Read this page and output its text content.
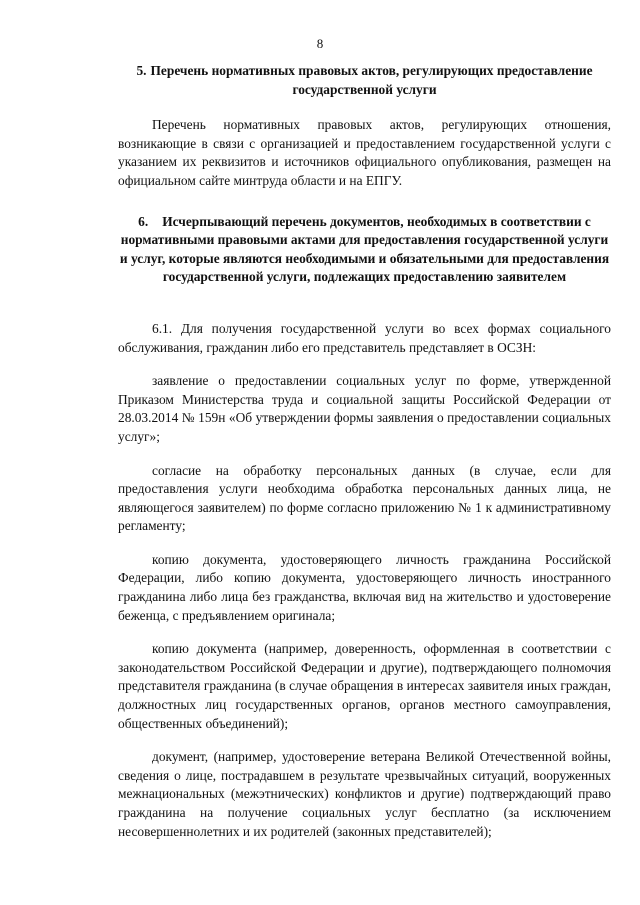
8

5. Перечень нормативных правовых актов, регулирующих предоставление государственной услуги

Перечень нормативных правовых актов, регулирующих отношения, возникающие в связи с организацией и предоставлением государственной услуги с указанием их реквизитов и источников официального опубликования, размещен на официальном сайте минтруда области и на ЕПГУ.

6. Исчерпывающий перечень документов, необходимых в соответствии с нормативными правовыми актами для предоставления государственной услуги и услуг, которые являются необходимыми и обязательными для предоставления государственной услуги, подлежащих предоставлению заявителем

6.1. Для получения государственной услуги во всех формах социального обслуживания, гражданин либо его представитель представляет в ОСЗН:

заявление о предоставлении социальных услуг по форме, утвержденной Приказом Министерства труда и социальной защиты Российской Федерации от 28.03.2014 № 159н «Об утверждении формы заявления о предоставлении социальных услуг»;

согласие на обработку персональных данных (в случае, если для предоставления услуги необходима обработка персональных данных лица, не являющегося заявителем) по форме согласно приложению № 1 к административному регламенту;

копию документа, удостоверяющего личность гражданина Российской Федерации, либо копию документа, удостоверяющего личность иностранного гражданина либо лица без гражданства, включая вид на жительство и удостоверение беженца, с предъявлением оригинала;

копию документа (например, доверенность, оформленная в соответствии с законодательством Российской Федерации и другие), подтверждающего полномочия представителя гражданина (в случае обращения в интересах заявителя иных граждан, должностных лиц государственных органов, органов местного самоуправления, общественных объединений);

документ, (например, удостоверение ветерана Великой Отечественной войны, сведения о лице, пострадавшем в результате чрезвычайных ситуаций, вооруженных межнациональных (межэтнических) конфликтов и другие) подтверждающий право гражданина на получение социальных услуг бесплатно (за исключением несовершеннолетних и их родителей (законных представителей);
